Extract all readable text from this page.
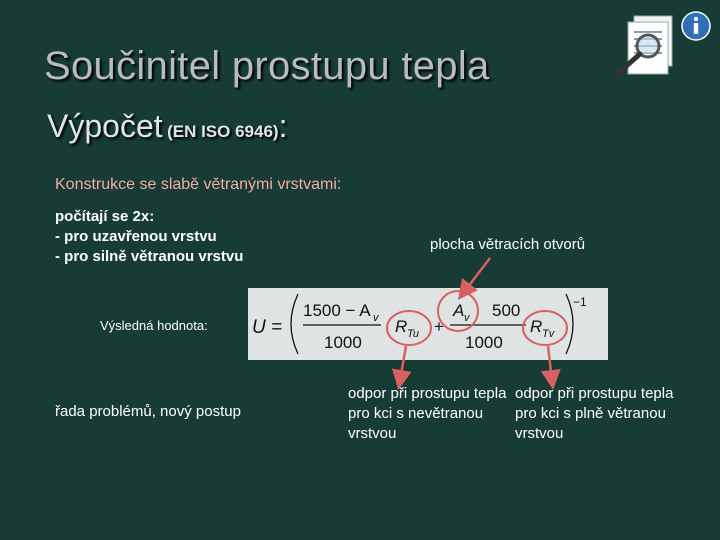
Součinitel prostupu tepla
Výpočet (EN ISO 6946):
Konstrukce se slabě větranými vrstvami:
počítají se 2x:
- pro uzavřenou vrstvu
- pro silně větranou vrstvu
plocha větracích otvorů
Výsledná hodnota: U =
1500 − A v
1000
R Tu +
A v 500
1000
R Tv
−1
řada problémů, nový postup
odpor při prostupu tepla pro kci s nevětranou vrstvou
odpor při prostupu tepla pro kci s plně větranou vrstvou
